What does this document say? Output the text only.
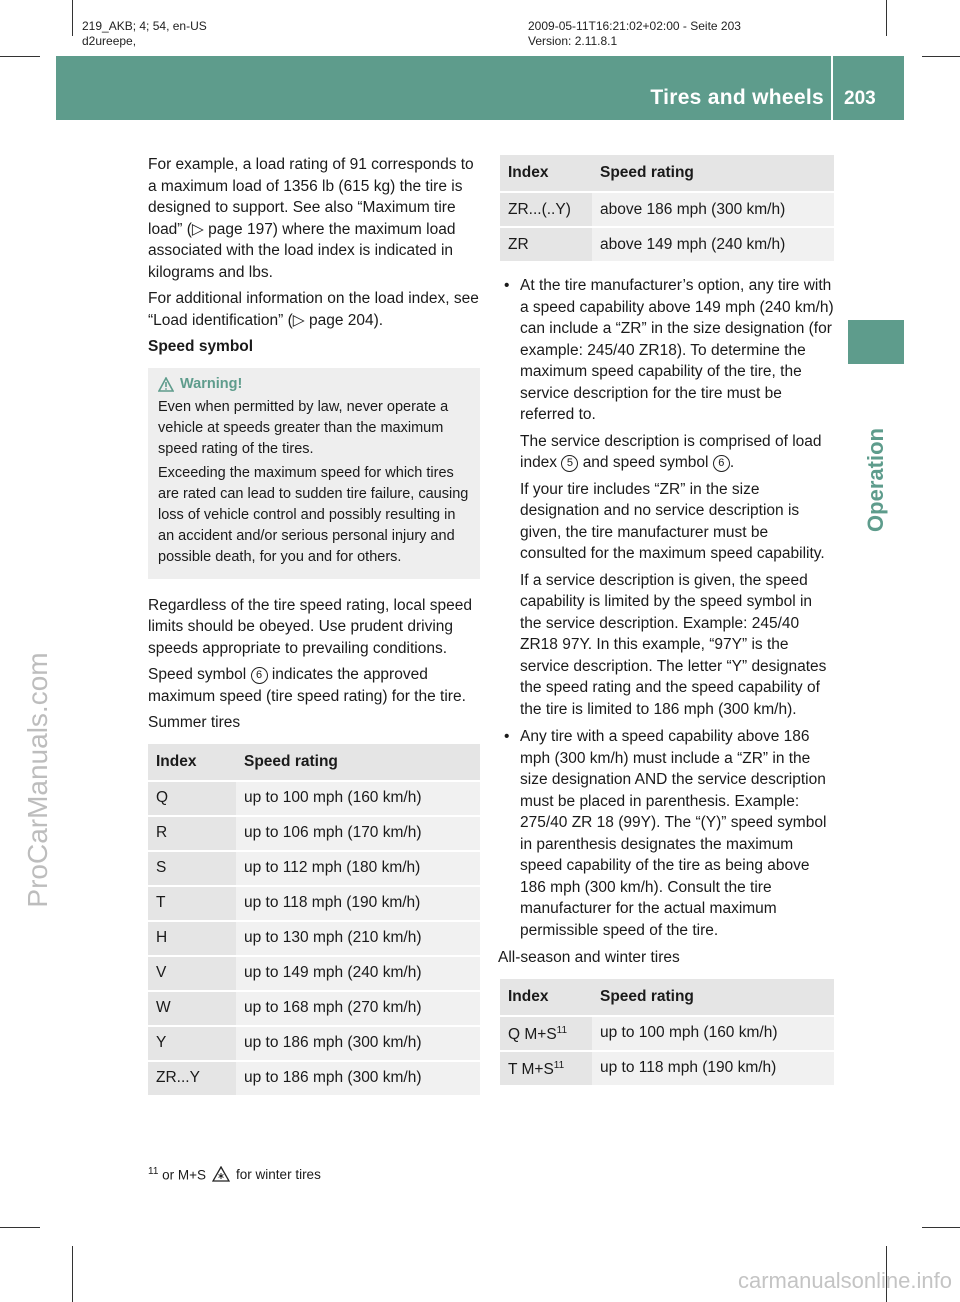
219_AKB; 4; 54, en-US
d2ureepe,
2009-05-11T16:21:02+02:00 - Seite 203
Version: 2.11.8.1
Tires and wheels 203
Operation
ProCarManuals.com
carmanualsonline.info

For example, a load rating of 91 corresponds to a maximum load of 1356 lb (615 kg) the tire is designed to support. See also “Maximum tire load” (▷ page 197) where the maximum load associated with the load index is indicated in kilograms and lbs.

For additional information on the load index, see “Load identification” (▷ page 204).

Speed symbol

Warning!

Even when permitted by law, never operate a vehicle at speeds greater than the maximum speed rating of the tires.

Exceeding the maximum speed for which tires are rated can lead to sudden tire failure, causing loss of vehicle control and possibly resulting in an accident and/or serious personal injury and possible death, for you and for others.

Regardless of the tire speed rating, local speed limits should be obeyed. Use prudent driving speeds appropriate to prevailing conditions.

Speed symbol 6 indicates the approved maximum speed (tire speed rating) for the tire.

Summer tires

Index	Speed rating
Q	up to 100 mph (160 km/h)
R	up to 106 mph (170 km/h)
S	up to 112 mph (180 km/h)
T	up to 118 mph (190 km/h)
H	up to 130 mph (210 km/h)
V	up to 149 mph (240 km/h)
W	up to 168 mph (270 km/h)
Y	up to 186 mph (300 km/h)
ZR...Y	up to 186 mph (300 km/h)
Index	Speed rating
ZR...(..Y)	above 186 mph (300 km/h)
ZR	above 149 mph (240 km/h)

• At the tire manufacturer’s option, any tire with a speed capability above 149 mph (240 km/h) can include a “ZR” in the size designation (for example: 245/40 ZR18). To determine the maximum speed capability of the tire, the service description for the tire must be referred to.

The service description is comprised of load index 5 and speed symbol 6 .

If your tire includes “ZR” in the size designation and no service description is given, the tire manufacturer must be consulted for the maximum speed capability.

If a service description is given, the speed capability is limited by the speed symbol in the service description. Example: 245/40 ZR18 97Y. In this example, “97Y” is the service description. The letter “Y” designates the speed rating and the speed capability of the tire is limited to 186 mph (300 km/h).

• Any tire with a speed capability above 186 mph (300 km/h) must include a “ZR” in the size designation AND the service description must be placed in parenthesis. Example: 275/40 ZR 18 (99Y). The “(Y)” speed symbol in parenthesis designates the maximum speed capability of the tire as being above 186 mph (300 km/h). Consult the tire manufacturer for the actual maximum permissible speed of the tire.

All-season and winter tires

Index	Speed rating
Q $M+S^{11}$	up to 100 mph (160 km/h)
T $M+S^{11}$	up to 118 mph (190 km/h)
$^{11}$ or M+S for winter tires
